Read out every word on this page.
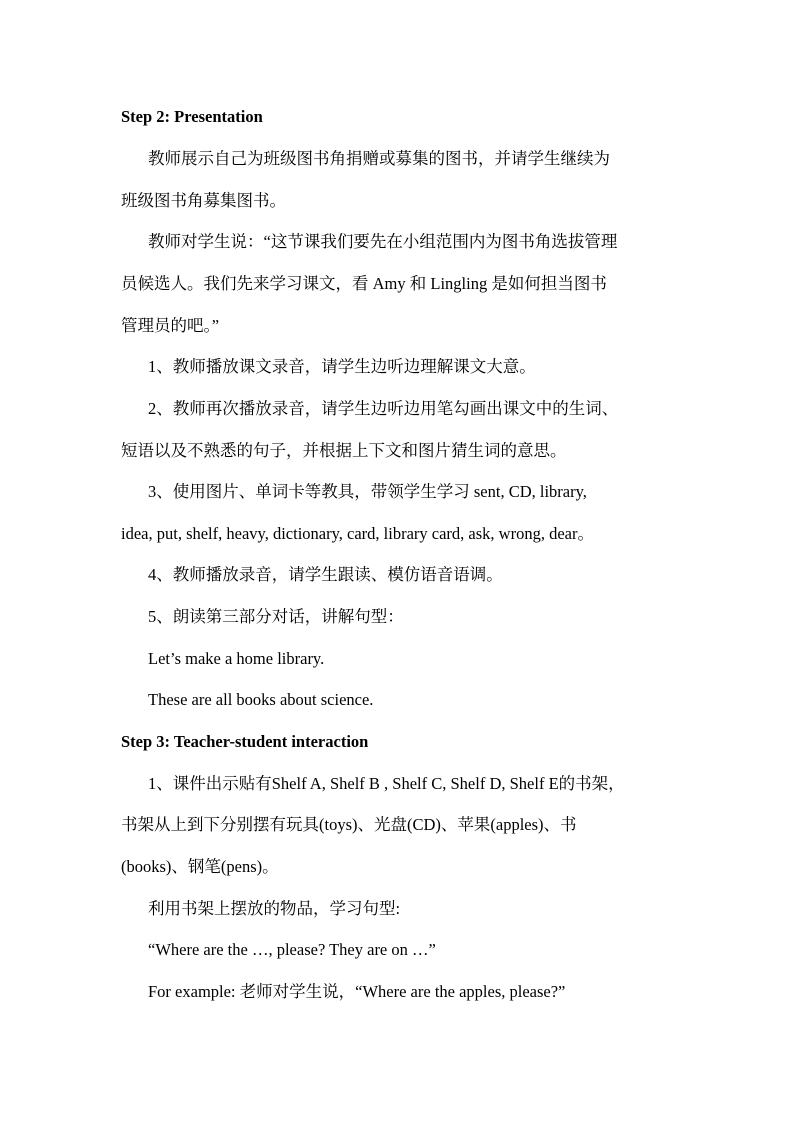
Step 2: Presentation

教师展示自己为班级图书角捐赠或募集的图书，并请学生继续为

班级图书角募集图书。

教师对学生说：“这节课我们要先在小组范围内为图书角选拔管理

员候选人。我们先来学习课文，看 Amy 和 Lingling 是如何担当图书

管理员的吧。”

1、教师播放课文录音，请学生边听边理解课文大意。

2、教师再次播放录音，请学生边听边用笔勾画出课文中的生词、

短语以及不熟悉的句子，并根据上下文和图片猜生词的意思。

3、使用图片、单词卡等教具，带领学生学习 sent, CD, library,

idea, put, shelf, heavy, dictionary, card, library card, ask, wrong, dear。

4、教师播放录音，请学生跟读、模仿语音语调。

5、朗读第三部分对话，讲解句型：

Let’s make a home library.

These are all books about science.

Step 3: Teacher-student interaction

1、课件出示贴有Shelf A, Shelf B , Shelf C, Shelf D, Shelf E的书架，

书架从上到下分别摆有玩具(toys)、光盘(CD)、苹果(apples)、书

(books)、钢笔(pens)。

利用书架上摆放的物品，学习句型:

“Where are the …, please? They are on …”

For example: 老师对学生说，“Where are the apples, please?”
